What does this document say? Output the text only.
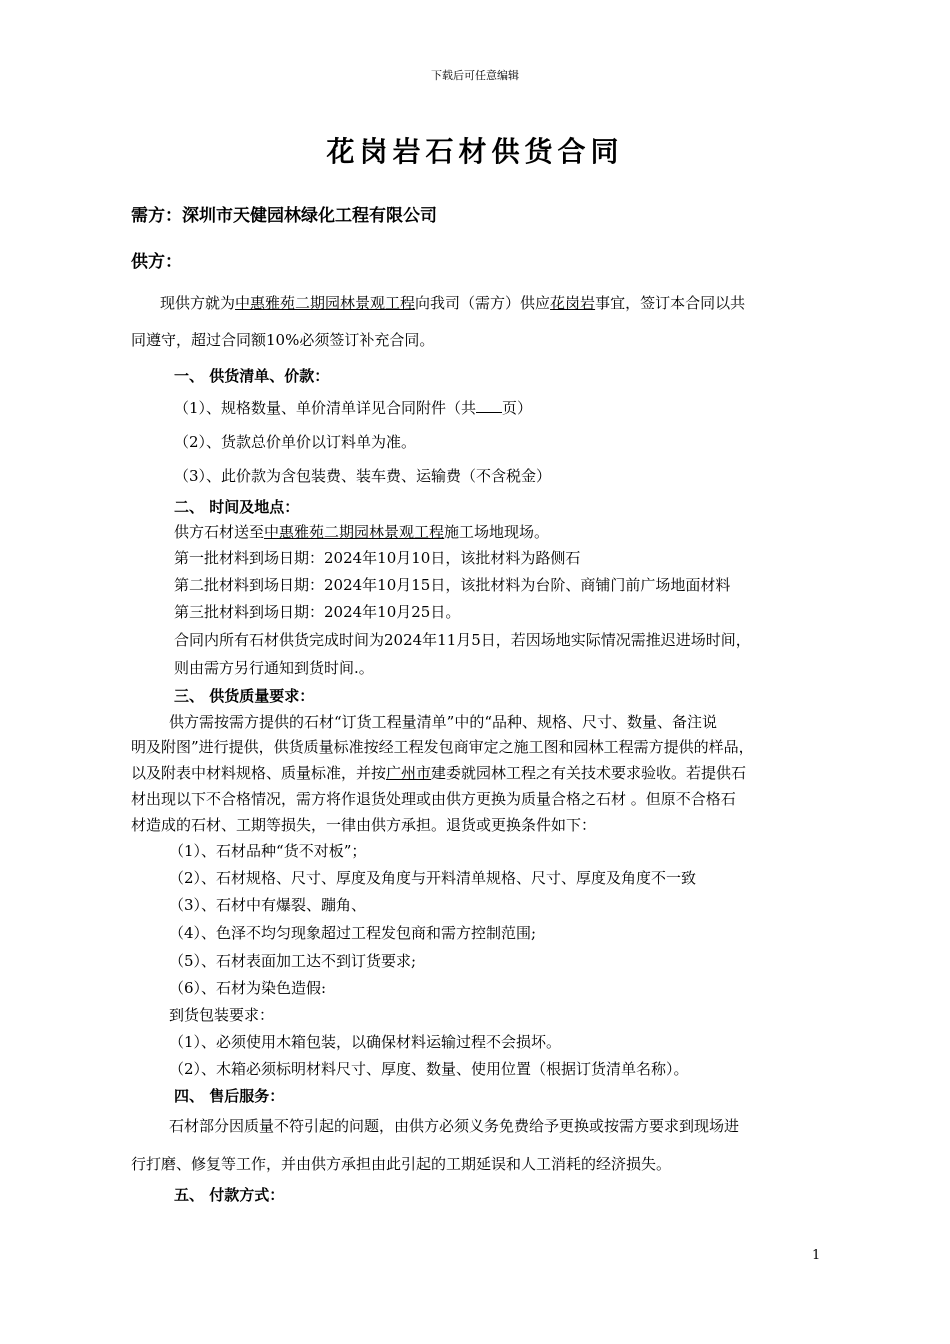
下载后可任意编辑
花岗岩石材供货合同
需方：深圳市天健园林绿化工程有限公司
供方：
现供方就为中惠雅苑二期园林景观工程向我司（需方）供应花岗岩事宜，签订本合同以共
同遵守，超过合同额10%必须签订补充合同。
一、 供货清单、价款：
（1）、规格数量、单价清单详见合同附件（共 页）
（2）、货款总价单价以订料单为准。
（3）、此价款为含包装费、装车费、运输费（不含税金）
二、 时间及地点：
供方石材送至中惠雅苑二期园林景观工程施工场地现场。
第一批材料到场日期：2024年10月10日，该批材料为路侧石
第二批材料到场日期：2024年10月15日，该批材料为台阶、商铺门前广场地面材料
第三批材料到场日期：2024年10月25日。
合同内所有石材供货完成时间为2024年11月5日，若因场地实际情况需推迟进场时间，
则由需方另行通知到货时间.。
三、 供货质量要求：
供方需按需方提供的石材“订货工程量清单”中的“品种、规格、尺寸、数量、备注说
明及附图”进行提供，供货质量标准按经工程发包商审定之施工图和园林工程需方提供的样品，
以及附表中材料规格、质量标准，并按广州市建委就园林工程之有关技术要求验收。若提供石
材出现以下不合格情况，需方将作退货处理或由供方更换为质量合格之石材 。但原不合格石
材造成的石材、工期等损失，一律由供方承担。退货或更换条件如下：
（1）、石材品种“货不对板”；
（2）、石材规格、尺寸、厚度及角度与开料清单规格、尺寸、厚度及角度不一致
（3）、石材中有爆裂、蹦角、
（4）、色泽不均匀现象超过工程发包商和需方控制范围;
（5）、石材表面加工达不到订货要求;
（6）、石材为染色造假:
到货包装要求：
（1）、必须使用木箱包装，以确保材料运输过程不会损坏。
（2）、木箱必须标明材料尺寸、厚度、数量、使用位置（根据订货清单名称）。
四、 售后服务：
石材部分因质量不符引起的问题，由供方必须义务免费给予更换或按需方要求到现场进
行打磨、修复等工作，并由供方承担由此引起的工期延误和人工消耗的经济损失。
五、 付款方式：
1
